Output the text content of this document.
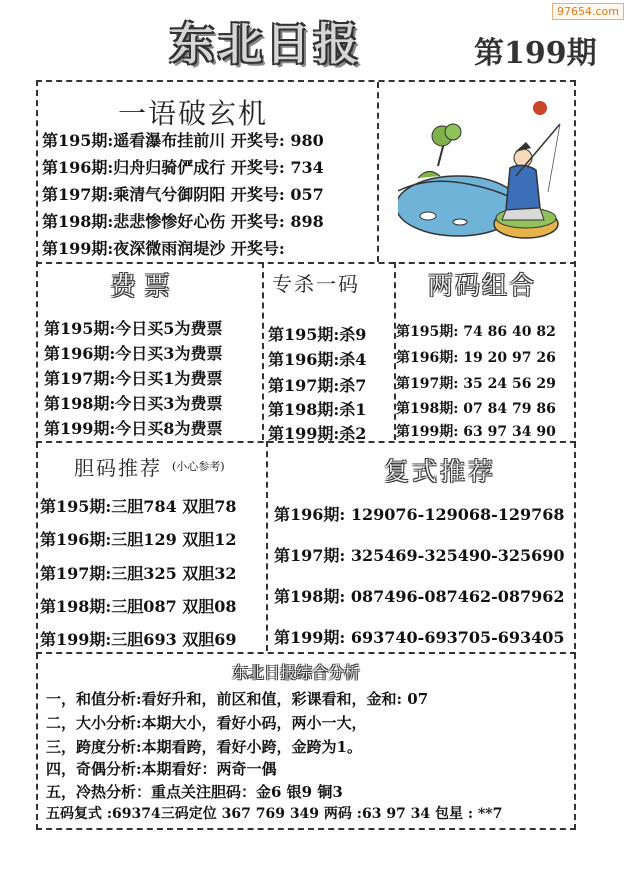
97654.com
东北日报	第199期
一语破玄机
第195期:遥看瀑布挂前川 开奖号: 980
第196期:归舟归骑俨成行 开奖号: 734
第197期:乘清气兮御阴阳 开奖号: 057
第198期:悲悲惨惨好心伤 开奖号: 898
第199期:夜深微雨润堤沙 开奖号:
费票
第195期:今日买5为费票
第196期:今日买3为费票
第197期:今日买1为费票
第198期:今日买3为费票
第199期:今日买8为费票
专杀一码
第195期:杀9
第196期:杀4
第197期:杀7
第198期:杀1
第199期:杀2
两码组合
第195期: 74 86 40 82
第196期: 19 20 97 26
第197期: 35 24 56 29
第198期: 07 84 79 86
第199期: 63 97 34 90
胆码推荐 (小心参考)
第195期:三胆784 双胆78
第196期:三胆129 双胆12
第197期:三胆325 双胆32
第198期:三胆087 双胆08
第199期:三胆693 双胆69
复式推荐
第196期: 129076-129068-129768
第197期: 325469-325490-325690
第198期: 087496-087462-087962
第199期: 693740-693705-693405
东北日报综合分析
一，和值分析:看好升和，前区和值，彩课看和，金和: 07
二，大小分析:本期大小，看好小码，两小一大，
三，跨度分析:本期看跨，看好小跨，金跨为1。
四，奇偶分析:本期看好：两奇一偶
五，冷热分析：重点关注胆码：金6 银9 铜3
五码复式 :69374三码定位 367 769 349 两码 :63 97 34 包星 : **7
